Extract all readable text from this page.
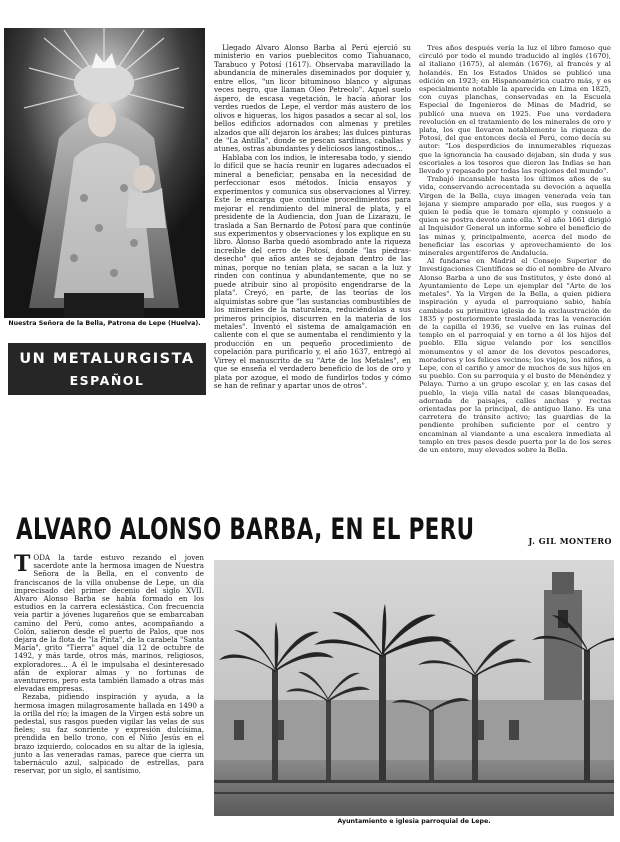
Nuestra Señora de la Bella, Patrona de Lepe (Huelva).
UN METALURGISTA
ESPAÑOL

Llegado Alvaro Alonso Barba al Perú ejerció su ministerio en varios pueblecitos como Tiahuanaco, Tarabuco y Potosí (1617). Observaba maravillado la abundancia de minerales diseminados por doquier y, entre ellos, "un licor bituminoso blanco y algunas veces negro, que llaman Oleo Petreolo". Aquel suelo áspero, de escasa vegetación, le hacía añorar los verdes ruedos de Lepe, el verdor más austero de los olivos e higueras, los higos pasados a secar al sol, los bellos edificios adornados con almenas y pretiles alzados que allí dejaron los árabes; las dulces pinturas de "La Antilla", donde se pescan sardinas, caballas y atunes, ostras abundantes y deliciosos langostinos...

Hablaba con los indios, le interesaba todo, y siendo lo difícil que se hacía reunir en lugares adecuados el mineral a beneficiar, pensaba en la necesidad de perfeccionar esos métodos. Inicia ensayos y experimentos y comunica sus observaciones al Virrey. Este le encarga que continúe procedimientos para mejorar el rendimiento del mineral de plata, y el presidente de la Audiencia, don Juan de Lizarazu, le traslada a San Bernardo de Potosí para que continúe sus experimentos y observaciones y los explique en su libro. Alonso Barba quedó asombrado ante la riqueza increíble del cerro de Potosí, donde "las piedras-desecho" que años antes se dejaban dentro de las minas, porque no tenían plata, se sacan a la luz y rinden con continua y abundantemente, que no se puede atribuir sino al propósito engendrarse de la plata". Creyó, en parte, de las teorías de los alquimistas sobre que "las sustancias combustibles de los minerales de la naturaleza, reduciéndolas a sus primeros principios, discurren en la materia de los metales". Inventó el sistema de amalgamación en caliente con el que se aumentaba el rendimiento y la producción en un pequeño procedimiento de copelación para purificarlo y, el año 1637, entregó al Virrey el manuscrito de su "Arte de los Metales", en que se enseña el verdadero beneficio de los de oro y plata por azogue, el modo de fundirlos todos y cómo se han de refinar y apartar unos de otros".

Tres años después vería la luz el libro famoso que circuló por todo el mundo traducido al inglés (1670), al italiano (1675), al alemán (1676), al francés y al holandés. En los Estados Unidos se publicó una edición en 1923; en Hispanoamérica cuatro más, y es especialmente notable la aparecida en Lima en 1825, con cuyas planchas, conservadas en la Escuela Especial de Ingenieros de Minas de Madrid, se publicó una nueva en 1925. Fue una verdadera revolución en el tratamiento de los minerales de oro y plata, los que llevaron notablemente la riqueza de Potosí, del que entonces decía el Perú, como decía su autor: "Los desperdicios de innumerables riquezas que la ignorancia ha causado dejaban, sin duda y sus escoriales a los tesoros que dieron las Indias se han llevado y repasado por todas las regiones del mundo".

Trabajó incansable hasta los últimos años de su vida, conservando acrecentada su devoción a aquella Virgen de la Bella, cuya imagen venerada veía tan lejana y siempre amparado por ella, sus ruegos y a quien le pedía que le tomara ejemplo y consuelo a quien se postra devoto ante ella. Y el año 1661 dirigió al Inquisidor General un informe sobre el beneficio de las minas y, principalmente, acerca del modo de beneficiar las escorias y aprovechamiento de los minerales argentíferos de Andalucía.

Al fundarse en Madrid el Consejo Superior de Investigaciones Científicas se dio el nombre de Alvaro Alonso Barba a uno de sus Institutos, y éste donó al Ayuntamiento de Lepe un ejemplar del "Arte de los metales". Ya la Virgen de la Bella, a quien pidiera inspiración y ayuda el parroquiano sabio, había cambiado su primitiva iglesia de la exclaustración de 1835 y posteriormente trasladada tras la veneración de la capilla el 1936, se vuelve en las ruinas del templo en el parroquial y en torno a él los hijos del pueblo. Ella sigue velando por los sencillos monumentos y el amor de los devotos pescadores, moradores y los felices vecinos; los viejos, los niños, a Lepe, con el cariño y amor de muchos de sus hijos en su pueblo. Con su parroquia y el busto de Menéndez y Pelayo. Turno a un grupo escolar y, en las casas del pueblo, la vieja villa natal de casas blanqueadas, adornada de paisajes, calles anchas y rectas orientadas por la principal, de antiguo llano. Es una carretera de tránsito activo; las guardias de la pendiente prohíben suficiente por el centro y encaminan al viandante a una escalera inmediata al templo en tres pasos desde puerta por la de los seres de un entero, muy elevados sobre la Bella.

J. GIL MONTERO
ALVARO ALONSO BARBA, EN EL PERU
TODA la tarde estuvo rezando el joven sacerdote ante la hermosa imagen de Nuestra Señora de la Bella, en el convento de franciscanos de la villa onubense de Lepe, un día imprecisado del primer decenio del siglo XVII. Alvaro Alonso Barba se había formado en los estudios en la carrera eclesiástica. Con frecuencia veía partir a jóvenes lugareños que se embarcaban camino del Perú, como antes, acompañando a Colón, salieron desde el puerto de Palos, que nos dejara de la flota de "la Pinta", de la carabela "Santa María", grito "Tierra" aquel día 12 de octubre de 1492, y más tarde, otros más, marinos, religiosos, exploradores... A él le impulsaba el desinteresado afán de explorar almas y no fortunas de aventureros, pero esta también llamado a otras más elevadas empresas.

Rezaba, pidiendo inspiración y ayuda, a la hermosa imagen milagrosamente hallada en 1490 a la orilla del río; la imagen de la Virgen está sobre un pedestal, sus rasgos pueden vigilar las velas de sus fieles; su faz sonriente y expresión dulcísima, prendida en bello trono, con el Niño Jesús en el brazo izquierdo, colocados en su altar de la iglesia, junto a las veneradas ramas, parece que cierra un tabernáculo azul, salpicado de estrellas, para reservar, por un siglo, el santísimo.

Ayuntamiento e iglesia parroquial de Lepe.
